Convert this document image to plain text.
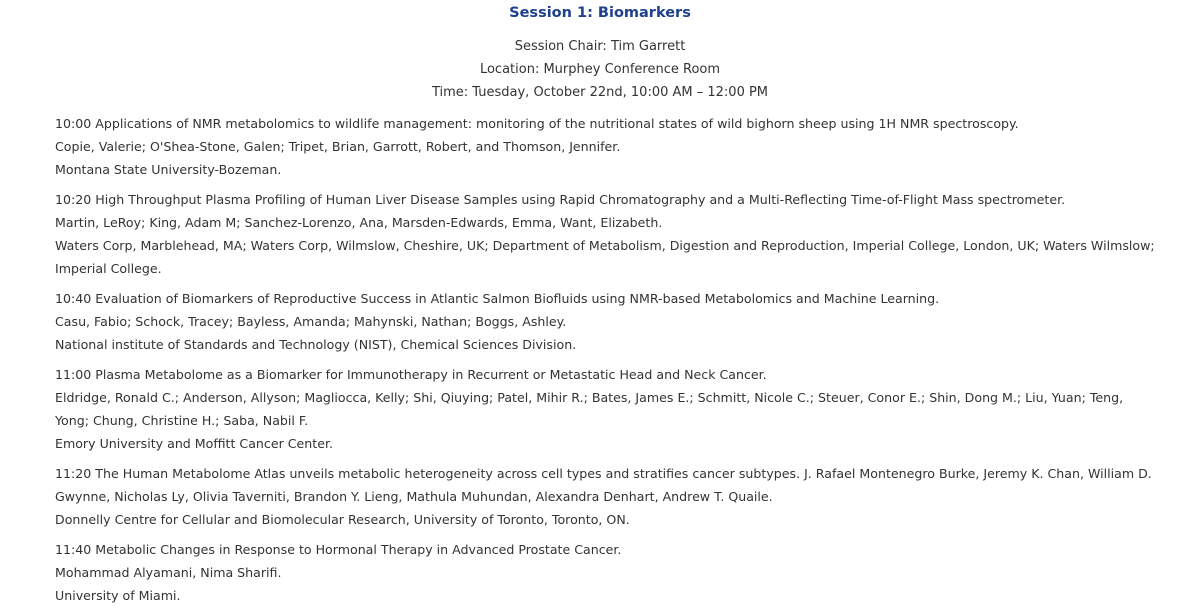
Session 1: Biomarkers
Session Chair: Tim Garrett
Location: Murphey Conference Room
Time: Tuesday, October 22nd, 10:00 AM – 12:00 PM
10:00 Applications of NMR metabolomics to wildlife management: monitoring of the nutritional states of wild bighorn sheep using 1H NMR spectroscopy.
Copie, Valerie; O'Shea-Stone, Galen; Tripet, Brian, Garrott, Robert, and Thomson, Jennifer.
Montana State University-Bozeman.
10:20 High Throughput Plasma Profiling of Human Liver Disease Samples using Rapid Chromatography and a Multi-Reflecting Time-of-Flight Mass spectrometer.
Martin, LeRoy; King, Adam M; Sanchez-Lorenzo, Ana, Marsden-Edwards, Emma, Want, Elizabeth.
Waters Corp, Marblehead, MA; Waters Corp, Wilmslow, Cheshire, UK; Department of Metabolism, Digestion and Reproduction, Imperial College, London, UK; Waters Wilmslow; Imperial College.
10:40 Evaluation of Biomarkers of Reproductive Success in Atlantic Salmon Biofluids using NMR-based Metabolomics and Machine Learning.
Casu, Fabio; Schock, Tracey; Bayless, Amanda; Mahynski, Nathan; Boggs, Ashley.
National institute of Standards and Technology (NIST), Chemical Sciences Division.
11:00 Plasma Metabolome as a Biomarker for Immunotherapy in Recurrent or Metastatic Head and Neck Cancer.
Eldridge, Ronald C.; Anderson, Allyson; Magliocca, Kelly; Shi, Qiuying; Patel, Mihir R.; Bates, James E.; Schmitt, Nicole C.; Steuer, Conor E.; Shin, Dong M.; Liu, Yuan; Teng, Yong; Chung, Christine H.; Saba, Nabil F.
Emory University and Moffitt Cancer Center.
11:20 The Human Metabolome Atlas unveils metabolic heterogeneity across cell types and stratifies cancer subtypes. J. Rafael Montenegro Burke, Jeremy K. Chan, William D. Gwynne, Nicholas Ly, Olivia Taverniti, Brandon Y. Lieng, Mathula Muhundan, Alexandra Denhart, Andrew T. Quaile.
Donnelly Centre for Cellular and Biomolecular Research, University of Toronto, Toronto, ON.
11:40 Metabolic Changes in Response to Hormonal Therapy in Advanced Prostate Cancer.
Mohammad Alyamani, Nima Sharifi.
University of Miami.
